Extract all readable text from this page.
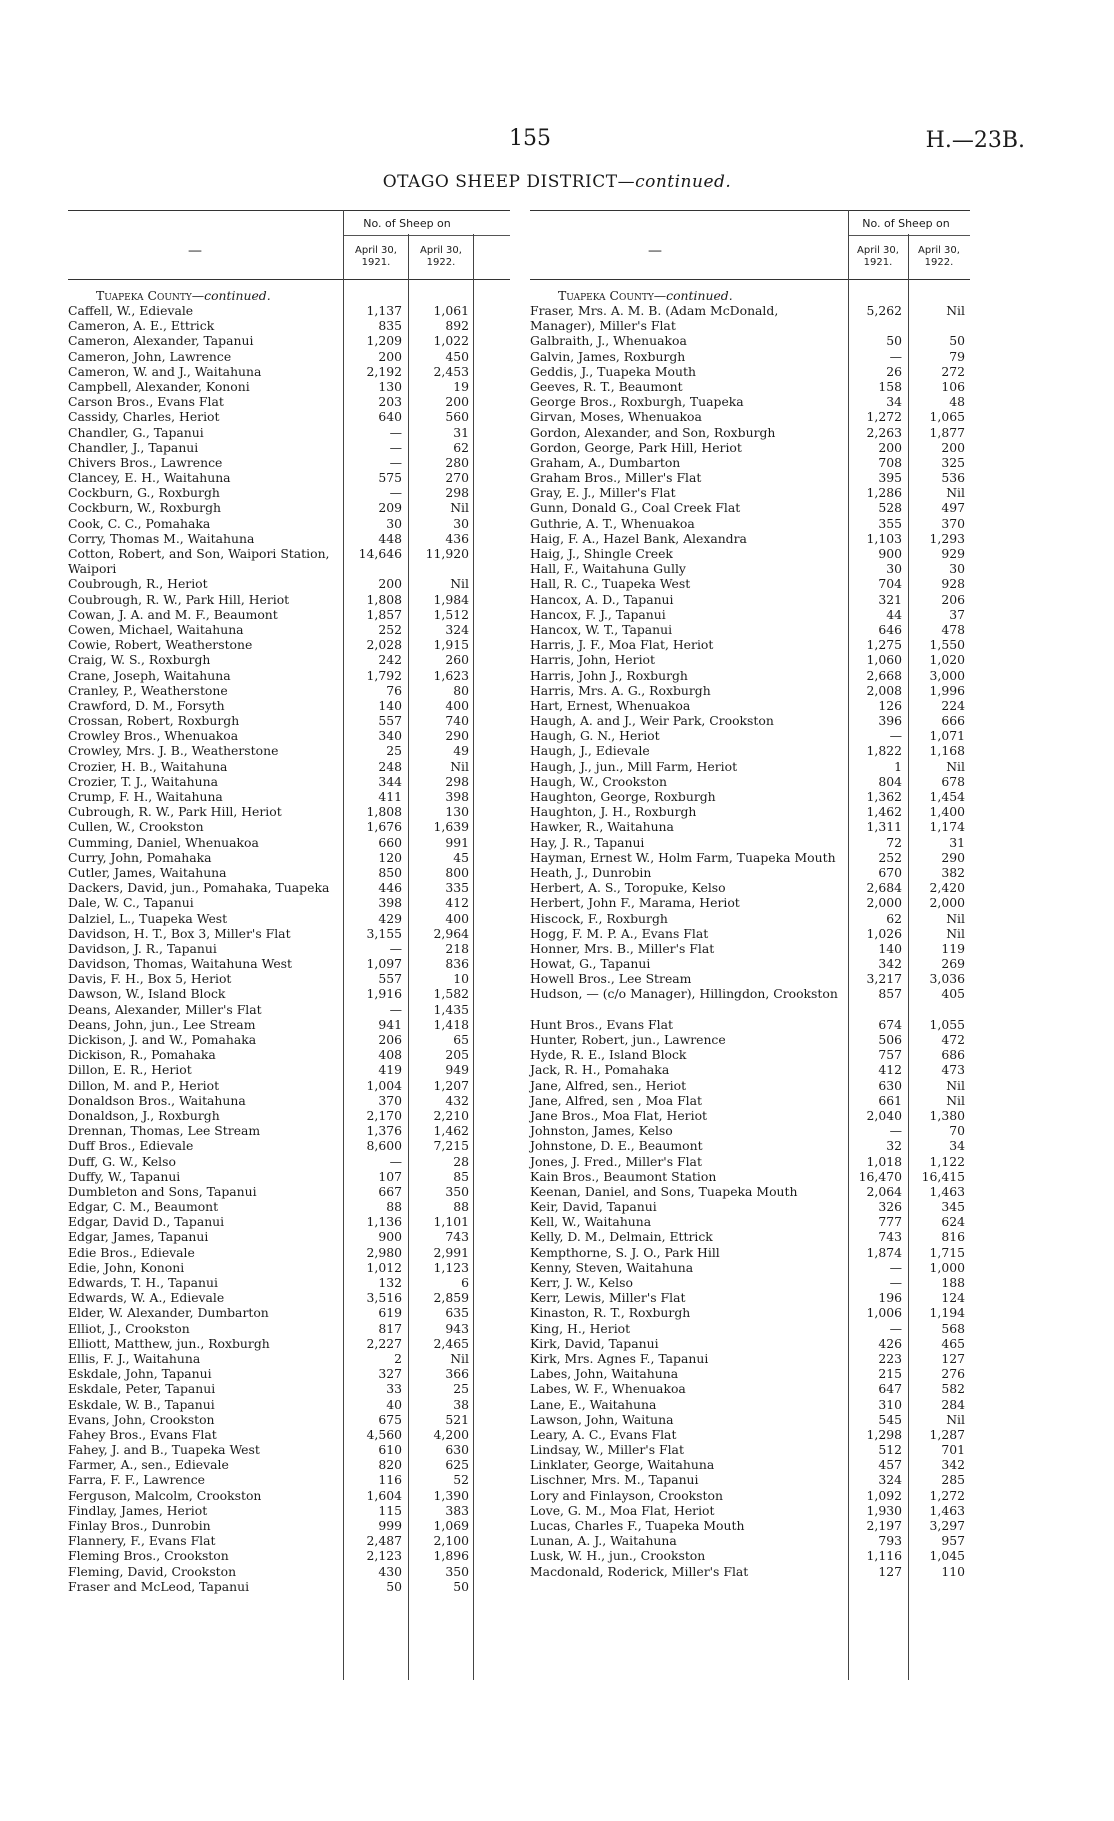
155	H.—23B.
OTAGO SHEEP DISTRICT—continued.
—
No. of Sheep on
April 30, 1921.
April 30, 1922.
Tuapeka County—continued.
Caffell, W., Edievale	1,137	1,061
Cameron, A. E., Ettrick	835	892
Cameron, Alexander, Tapanui	1,209	1,022
Cameron, John, Lawrence	200	450
Cameron, W. and J., Waitahuna	2,192	2,453
Campbell, Alexander, Kononi	130	19
Carson Bros., Evans Flat	203	200
Cassidy, Charles, Heriot	640	560
Chandler, G., Tapanui	—	31
Chandler, J., Tapanui	—	62
Chivers Bros., Lawrence	—	280
Clancey, E. H., Waitahuna	575	270
Cockburn, G., Roxburgh	—	298
Cockburn, W., Roxburgh	209	Nil
Cook, C. C., Pomahaka	30	30
Corry, Thomas M., Waitahuna	448	436
Cotton, Robert, and Son, Waipori Station, Waipori
14,646	11,920
Coubrough, R., Heriot	200	Nil
Coubrough, R. W., Park Hill, Heriot	1,808	1,984
Cowan, J. A. and M. F., Beaumont	1,857	1,512
Cowen, Michael, Waitahuna	252	324
Cowie, Robert, Weatherstone	2,028	1,915
Craig, W. S., Roxburgh	242	260
Crane, Joseph, Waitahuna	1,792	1,623
Cranley, P., Weatherstone	76	80
Crawford, D. M., Forsyth	140	400
Crossan, Robert, Roxburgh	557	740
Crowley Bros., Whenuakoa	340	290
Crowley, Mrs. J. B., Weatherstone	25	49
Crozier, H. B., Waitahuna	248	Nil
Crozier, T. J., Waitahuna	344	298
Crump, F. H., Waitahuna	411	398
Cubrough, R. W., Park Hill, Heriot	1,808	130
Cullen, W., Crookston	1,676	1,639
Cumming, Daniel, Whenuakoa	660	991
Curry, John, Pomahaka	120	45
Cutler, James, Waitahuna	850	800
Dackers, David, jun., Pomahaka, Tuapeka	446	335
Dale, W. C., Tapanui	398	412
Dalziel, L., Tuapeka West	429	400
Davidson, H. T., Box 3, Miller's Flat	3,155	2,964
Davidson, J. R., Tapanui	—	218
Davidson, Thomas, Waitahuna West	1,097	836
Davis, F. H., Box 5, Heriot	557	10
Dawson, W., Island Block	1,916	1,582
Deans, Alexander, Miller's Flat	—	1,435
Deans, John, jun., Lee Stream	941	1,418
Dickison, J. and W., Pomahaka	206	65
Dickison, R., Pomahaka	408	205
Dillon, E. R., Heriot	419	949
Dillon, M. and P., Heriot	1,004	1,207
Donaldson Bros., Waitahuna	370	432
Donaldson, J., Roxburgh	2,170	2,210
Drennan, Thomas, Lee Stream	1,376	1,462
Duff Bros., Edievale	8,600	7,215
Duff, G. W., Kelso	—	28
Duffy, W., Tapanui	107	85
Dumbleton and Sons, Tapanui	667	350
Edgar, C. M., Beaumont	88	88
Edgar, David D., Tapanui	1,136	1,101
Edgar, James, Tapanui	900	743
Edie Bros., Edievale	2,980	2,991
Edie, John, Kononi	1,012	1,123
Edwards, T. H., Tapanui	132	6
Edwards, W. A., Edievale	3,516	2,859
Elder, W. Alexander, Dumbarton	619	635
Elliot, J., Crookston	817	943
Elliott, Matthew, jun., Roxburgh	2,227	2,465
Ellis, F. J., Waitahuna	2	Nil
Eskdale, John, Tapanui	327	366
Eskdale, Peter, Tapanui	33	25
Eskdale, W. B., Tapanui	40	38
Evans, John, Crookston	675	521
Fahey Bros., Evans Flat	4,560	4,200
Fahey, J. and B., Tuapeka West	610	630
Farmer, A., sen., Edievale	820	625
Farra, F. F., Lawrence	116	52
Ferguson, Malcolm, Crookston	1,604	1,390
Findlay, James, Heriot	115	383
Finlay Bros., Dunrobin	999	1,069
Flannery, F., Evans Flat	2,487	2,100
Fleming Bros., Crookston	2,123	1,896
Fleming, David, Crookston	430	350
Fraser and McLeod, Tapanui	50	50
—
No. of Sheep on
April 30, 1921.
April 30, 1922.
Tuapeka County—continued.
Fraser, Mrs. A. M. B. (Adam McDonald, Manager), Miller's Flat
5,262	Nil
Galbraith, J., Whenuakoa	50	50
Galvin, James, Roxburgh	—	79
Geddis, J., Tuapeka Mouth	26	272
Geeves, R. T., Beaumont	158	106
George Bros., Roxburgh, Tuapeka	34	48
Girvan, Moses, Whenuakoa	1,272	1,065
Gordon, Alexander, and Son, Roxburgh	2,263	1,877
Gordon, George, Park Hill, Heriot	200	200
Graham, A., Dumbarton	708	325
Graham Bros., Miller's Flat	395	536
Gray, E. J., Miller's Flat	1,286	Nil
Gunn, Donald G., Coal Creek Flat	528	497
Guthrie, A. T., Whenuakoa	355	370
Haig, F. A., Hazel Bank, Alexandra	1,103	1,293
Haig, J., Shingle Creek	900	929
Hall, F., Waitahuna Gully	30	30
Hall, R. C., Tuapeka West	704	928
Hancox, A. D., Tapanui	321	206
Hancox, F. J., Tapanui	44	37
Hancox, W. T., Tapanui	646	478
Harris, J. F., Moa Flat, Heriot	1,275	1,550
Harris, John, Heriot	1,060	1,020
Harris, John J., Roxburgh	2,668	3,000
Harris, Mrs. A. G., Roxburgh	2,008	1,996
Hart, Ernest, Whenuakoa	126	224
Haugh, A. and J., Weir Park, Crookston	396	666
Haugh, G. N., Heriot	—	1,071
Haugh, J., Edievale	1,822	1,168
Haugh, J., jun., Mill Farm, Heriot	1	Nil
Haugh, W., Crookston	804	678
Haughton, George, Roxburgh	1,362	1,454
Haughton, J. H., Roxburgh	1,462	1,400
Hawker, R., Waitahuna	1,311	1,174
Hay, J. R., Tapanui	72	31
Hayman, Ernest W., Holm Farm, Tuapeka Mouth	252	290
Heath, J., Dunrobin	670	382
Herbert, A. S., Toropuke, Kelso	2,684	2,420
Herbert, John F., Marama, Heriot	2,000	2,000
Hiscock, F., Roxburgh	62	Nil
Hogg, F. M. P. A., Evans Flat	1,026	Nil
Honner, Mrs. B., Miller's Flat	140	119
Howat, G., Tapanui	342	269
Howell Bros., Lee Stream	3,217	3,036
Hudson, — (c/o Manager), Hillingdon, Crookston	857	405
Hunt Bros., Evans Flat	674	1,055
Hunter, Robert, jun., Lawrence	506	472
Hyde, R. E., Island Block	757	686
Jack, R. H., Pomahaka	412	473
Jane, Alfred, sen., Heriot	630	Nil
Jane, Alfred, sen , Moa Flat	661	Nil
Jane Bros., Moa Flat, Heriot	2,040	1,380
Johnston, James, Kelso	—	70
Johnstone, D. E., Beaumont	32	34
Jones, J. Fred., Miller's Flat	1,018	1,122
Kain Bros., Beaumont Station	16,470	16,415
Keenan, Daniel, and Sons, Tuapeka Mouth	2,064	1,463
Keir, David, Tapanui	326	345
Kell, W., Waitahuna	777	624
Kelly, D. M., Delmain, Ettrick	743	816
Kempthorne, S. J. O., Park Hill	1,874	1,715
Kenny, Steven, Waitahuna	—	1,000
Kerr, J. W., Kelso	—	188
Kerr, Lewis, Miller's Flat	196	124
Kinaston, R. T., Roxburgh	1,006	1,194
King, H., Heriot	—	568
Kirk, David, Tapanui	426	465
Kirk, Mrs. Agnes F., Tapanui	223	127
Labes, John, Waitahuna	215	276
Labes, W. F., Whenuakoa	647	582
Lane, E., Waitahuna	310	284
Lawson, John, Waituna	545	Nil
Leary, A. C., Evans Flat	1,298	1,287
Lindsay, W., Miller's Flat	512	701
Linklater, George, Waitahuna	457	342
Lischner, Mrs. M., Tapanui	324	285
Lory and Finlayson, Crookston	1,092	1,272
Love, G. M., Moa Flat, Heriot	1,930	1,463
Lucas, Charles F., Tuapeka Mouth	2,197	3,297
Lunan, A. J., Waitahuna	793	957
Lusk, W. H., jun., Crookston	1,116	1,045
Macdonald, Roderick, Miller's Flat	127	110
